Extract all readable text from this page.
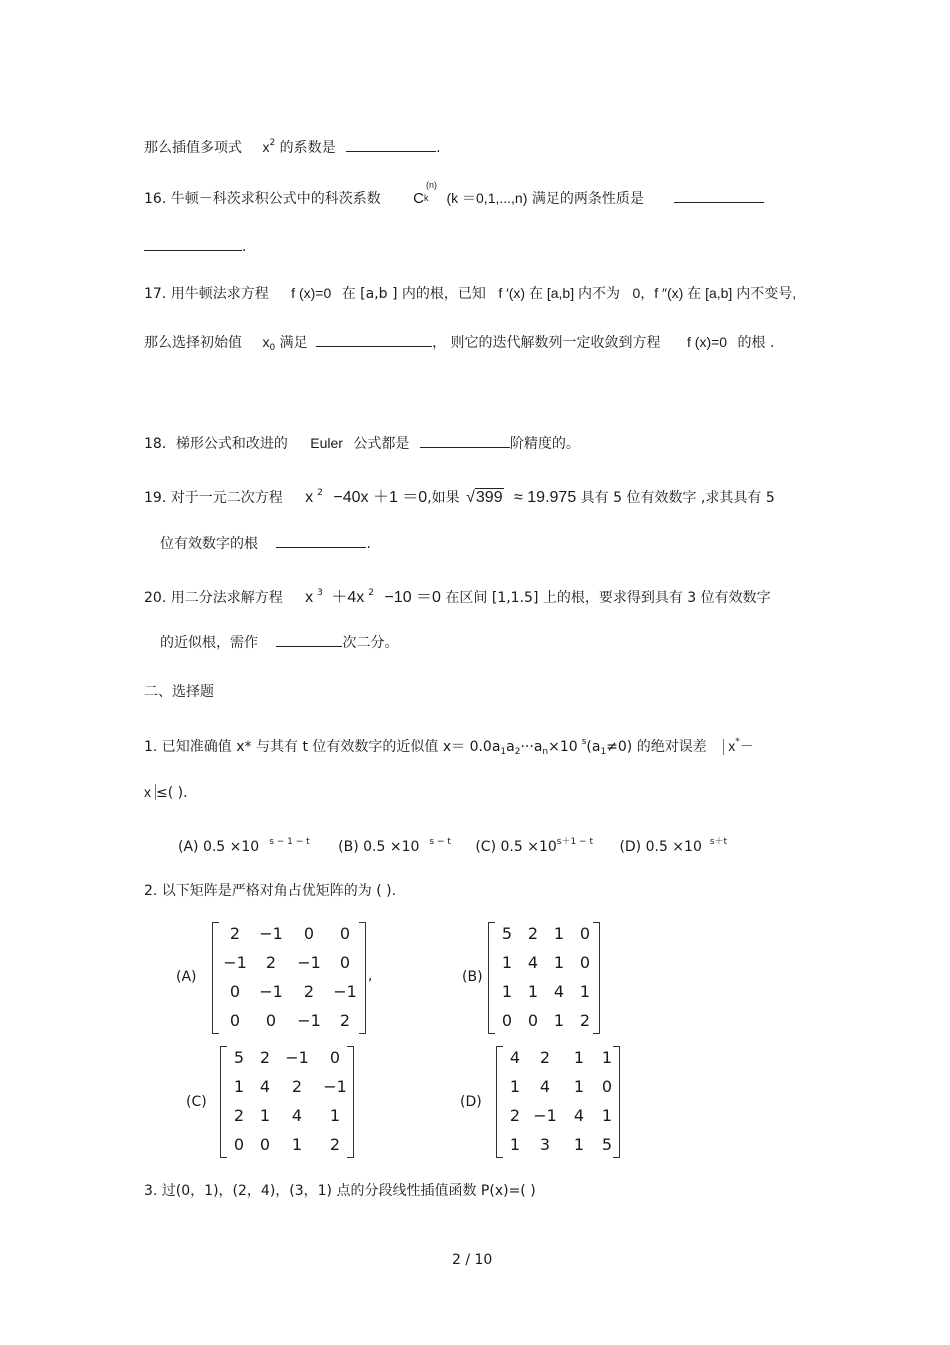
那么插值多项式 $x^2$ 的系数是	.
16. 牛顿－科茨求积公式中的科茨系数 C
(n)
k (k ＝0,1,...,n) 满足的两条性质是
.
17. 用牛顿法求方程 f (x)=0 在 [a,b ] 内的根，已知 f ′(x) 在 [a,b] 内不为 0，f ″(x) 在 [a,b] 内不变号,
那么选择初始值 $x_0$ 满足	， 则它的迭代解数列一定收敛到方程 f (x)=0 的根 .
18．梯形公式和改进的 Euler 公式都是	阶精度的。
19. 对于一元二次方程 x $^2$ −40x ＋1 ＝0,如果 √399 ≈ 19.975 具有 5 位有效数字 ,求其具有 5
位有效数字的根	.
20. 用二分法求解方程 x $^3$ ＋4x $^2$ −10 ＝0 在区间 [1,1.5] 上的根，要求得到具有 3 位有效数字
的近似根，需作	次二分。
二、选择题
1. 已知准确值 x* 与其有 t 位有效数字的近似值 $x= 0.0a_1a_2\cdot\cdot\cdot a_n\times 10$ $^s(a_1\ne 0)$ 的绝对误差 x*－
x ≤( ).
(A) 0.5 ×10 $^{s - 1 - t}$ (B) 0.5 ×10 $^{s - t}$ (C) $0.5 \times 10^{s+1 - t}$ (D) 0.5 ×10 $^{s+t}$
2. 以下矩阵是严格对角占优矩阵的为 ( ).
(A)
2	−1	0	0
−1	2	−1	0
0	−1	2	−1
0	0	−1	2
,	(B)
5 2 1 0
1 4 1 0
1 1 4 1
0 0 1 2
(C)
5 2 −1	0
1 4	2	−1
2 1	4	1
0 0	1	2
(D)
4	2	1	1
1	4	1	0
2 −1	4	1
1	3	1	5
3. 过(0，1)，(2，4)，(3，1) 点的分段线性插值函数 P(x)=( )
2 / 10
